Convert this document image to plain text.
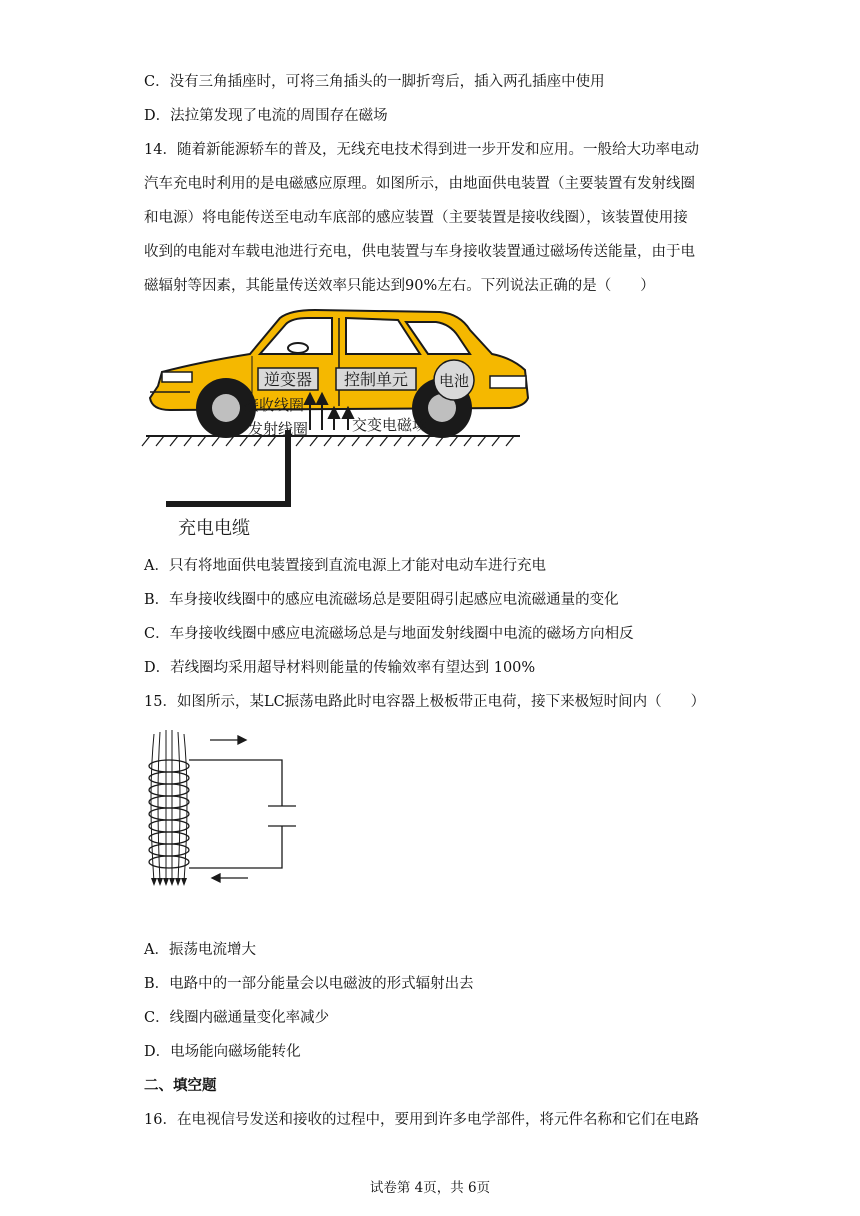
C．没有三角插座时，可将三角插头的一脚折弯后，插入两孔插座中使用
D．法拉第发现了电流的周围存在磁场
14．随着新能源轿车的普及，无线充电技术得到进一步开发和应用。一般给大功率电动
汽车充电时利用的是电磁感应原理。如图所示，由地面供电装置（主要装置有发射线圈
和电源）将电能传送至电动车底部的感应装置（主要装置是接收线圈），该装置使用接
收到的电能对车载电池进行充电，供电装置与车身接收装置通过磁场传送能量，由于电
磁辐射等因素，其能量传送效率只能达到90%左右。下列说法正确的是（　　）
逆变器 控制单元 电池
接收线圈
发射线圈	交变电磁场
充电电缆
A．只有将地面供电装置接到直流电源上才能对电动车进行充电
B．车身接收线圈中的感应电流磁场总是要阻碍引起感应电流磁通量的变化
C．车身接收线圈中感应电流磁场总是与地面发射线圈中电流的磁场方向相反
D．若线圈均采用超导材料则能量的传输效率有望达到 100%
15．如图所示，某LC振荡电路此时电容器上极板带正电荷，接下来极短时间内（　　）
A．振荡电流增大
B．电路中的一部分能量会以电磁波的形式辐射出去
C．线圈内磁通量变化率减少
D．电场能向磁场能转化
二、填空题
16．在电视信号发送和接收的过程中，要用到许多电学部件，将元件名称和它们在电路
试卷第 4页，共 6页
